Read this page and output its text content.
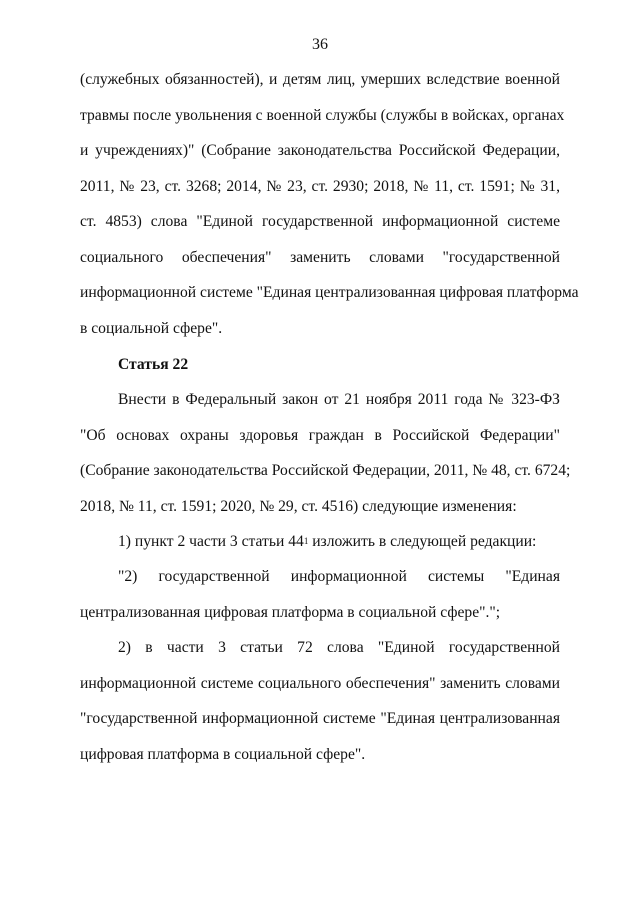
36
(служебных обязанностей), и детям лиц, умерших вследствие военной
травмы после увольнения с военной службы (службы в войсках, органах
и учреждениях)" (Собрание законодательства Российской Федерации,
2011, № 23, ст. 3268; 2014, № 23, ст. 2930; 2018, № 11, ст. 1591; № 31,
ст. 4853) слова "Единой государственной информационной системе
социального обеспечения" заменить словами "государственной
информационной системе "Единая централизованная цифровая платформа
в социальной сфере".
Статья 22
Внести в Федеральный закон от 21 ноября 2011 года № 323-ФЗ
"Об основах охраны здоровья граждан в Российской Федерации"
(Собрание законодательства Российской Федерации, 2011, № 48, ст. 6724;
2018, № 11, ст. 1591; 2020, № 29, ст. 4516) следующие изменения:
1) пункт 2 части 3 статьи $44^1$ изложить в следующей редакции:
"2) государственной информационной системы "Единая
централизованная цифровая платформа в социальной сфере".";
2) в части 3 статьи 72 слова "Единой государственной
информационной системе социального обеспечения" заменить словами
"государственной информационной системе "Единая централизованная
цифровая платформа в социальной сфере".
